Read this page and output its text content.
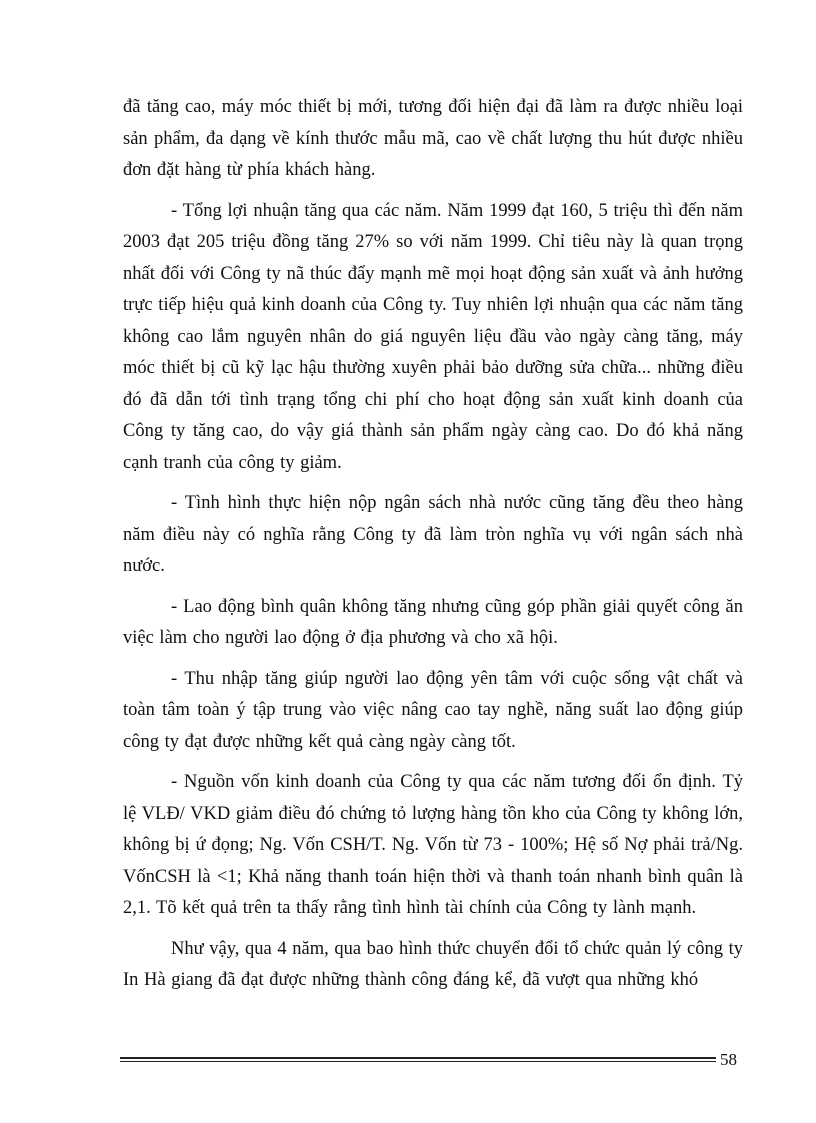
đã tăng cao, máy móc thiết bị mới, tương đối hiện đại đã làm ra được nhiều loại sản phẩm, đa dạng về kính thước mẫu mã, cao về chất lượng thu hút được nhiều đơn đặt hàng từ phía khách hàng.

- Tổng lợi nhuận tăng qua các năm. Năm 1999 đạt 160, 5 triệu thì đến năm 2003 đạt 205 triệu đồng tăng 27% so với năm 1999. Chỉ tiêu này là quan trọng nhất đối với Công ty nã thúc đẩy mạnh mẽ mọi hoạt động sản xuất và ảnh hưởng trực tiếp hiệu quả kinh doanh của Công ty. Tuy nhiên lợi nhuận qua các năm tăng không cao lắm nguyên nhân do giá nguyên liệu đầu vào ngày càng tăng, máy móc thiết bị cũ kỹ lạc hậu thường xuyên phải bảo dưỡng sửa chữa... những điều đó đã dẫn tới tình trạng tổng chi phí cho hoạt động sản xuất kinh doanh của Công ty tăng cao, do vậy giá thành sản phẩm ngày càng cao. Do đó khả năng cạnh tranh của công ty giảm.

- Tình hình thực hiện nộp ngân sách nhà nước cũng tăng đều theo hàng năm điều này có nghĩa rằng Công ty đã làm tròn nghĩa vụ với ngân sách nhà nước.

- Lao động bình quân không tăng nhưng cũng góp phần giải quyết công ăn việc làm cho người lao động ở địa phương và cho xã hội.

- Thu nhập tăng giúp người lao động yên tâm với cuộc sống vật chất và toàn tâm toàn ý tập trung vào việc nâng cao tay nghề, năng suất lao động giúp công ty đạt được những kết quả càng ngày càng tốt.

- Nguồn vốn kinh doanh của Công ty qua các năm tương đối ổn định. Tỷ lệ VLĐ/ VKD giảm điều đó chứng tỏ lượng hàng tồn kho của Công ty không lớn, không bị ứ đọng; Ng. Vốn CSH/T. Ng. Vốn từ 73 - 100%; Hệ số Nợ phải trả/Ng. VốnCSH là <1; Khả năng thanh toán hiện thời và thanh toán nhanh bình quân là 2,1. Tõ kết quả trên ta thấy rằng tình hình tài chính của Công ty lành mạnh.

Như vậy, qua 4 năm, qua bao hình thức chuyển đổi tổ chức quản lý công ty In Hà giang đã đạt được những thành công đáng kể, đã vượt qua những khó

58
